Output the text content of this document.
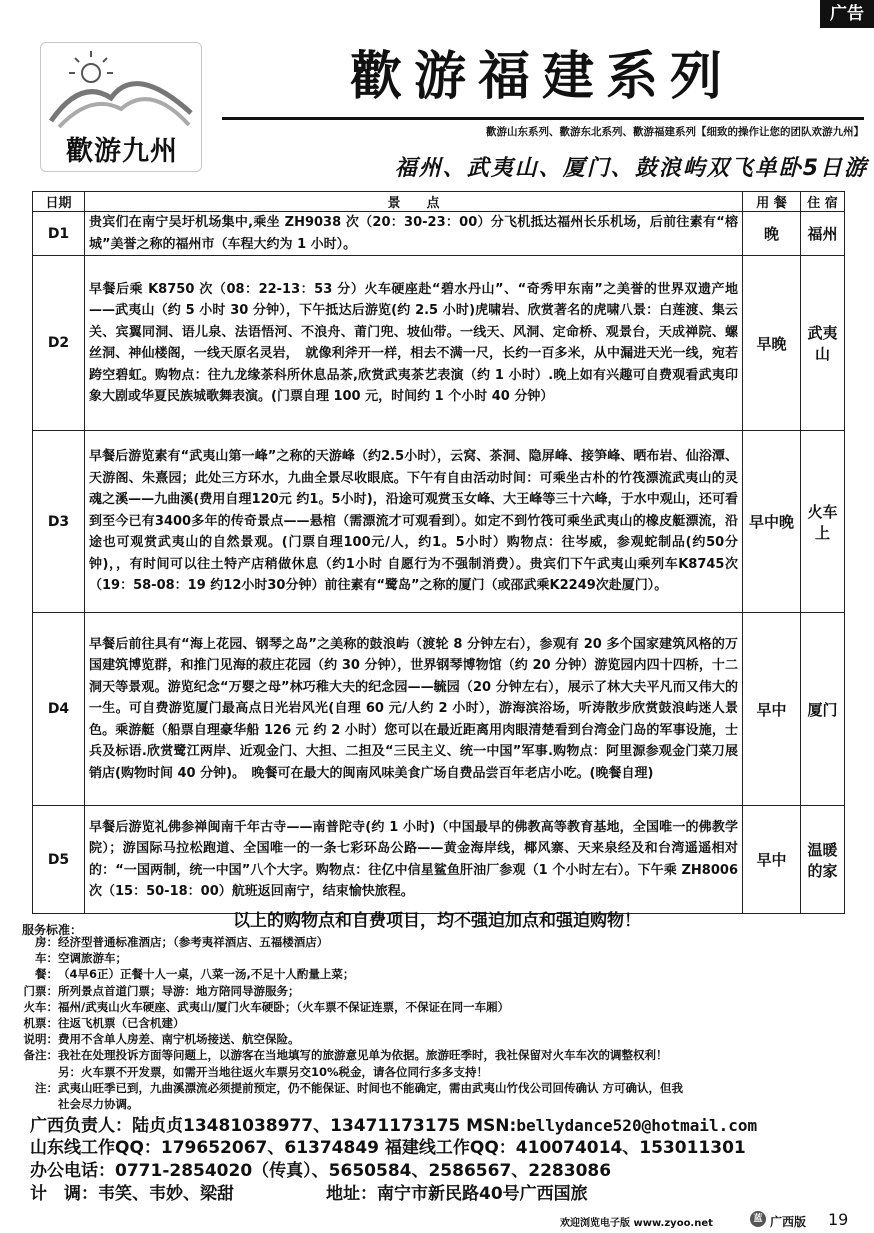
广告
歡游九州
歡游福建系列
歡游山东系列、歡游东北系列、歡游福建系列【细致的操作让您的团队欢游九州】
福州、武夷山、厦门、鼓浪屿双飞单卧5日游
日期	景　　点	用 餐	住 宿
D1	贵宾们在南宁吴圩机场集中,乘坐 ZH9038 次（20：30-23：00）分飞机抵达福州长乐机场，后前往素有“榕城”美誉之称的福州市（车程大约为 1 小时）。	晚	福州
D2	早餐后乘 K8750 次（08：22-13：53 分）火车硬座赴“碧水丹山”、“奇秀甲东南”之美誉的世界双遗产地——武夷山（约 5 小时 30 分钟），下午抵达后游览(约 2.5 小时)虎啸岩、欣赏著名的虎啸八景：白莲渡、集云关、宾翼同洞、语儿泉、法语悟河、不浪舟、莆门兜、坡仙带。一线天、风洞、定命桥、观景台，天成禅院、螺丝洞、神仙楼阁，一线天原名灵岩，　就像利斧开一样，相去不满一尺，长约一百多米，从中漏进天光一线，宛若跨空碧虹。购物点：往九龙缘茶科所休息品茶,欣赏武夷茶艺表演（约 1 小时）.晚上如有兴趣可自费观看武夷印象大剧或华夏民族城歌舞表演。(门票自理 100 元，时间约 1 个小时 40 分钟）	早晚	武夷山
D3	早餐后游览素有“武夷山第一峰”之称的天游峰（约2.5小时），云窝、茶洞、隐屏峰、接笋峰、晒布岩、仙浴潭、天游阁、朱熹园；此处三方环水，九曲全景尽收眼底。下午有自由活动时间：可乘坐古朴的竹筏漂流武夷山的灵魂之溪——九曲溪(费用自理120元 约1。5小时)，沿途可观赏玉女峰、大王峰等三十六峰，于水中观山，还可看到至今已有3400多年的传奇景点——悬棺（需漂流才可观看到）。如定不到竹筏可乘坐武夷山的橡皮艇漂流，沿途也可观赏武夷山的自然景观。(门票自理100元/人，约1。5小时）购物点：往岑威，参观蛇制品(约50分钟)，，有时间可以往土特产店稍做休息（约1小时 自愿行为不强制消费）。贵宾们下午武夷山乘列车K8745次（19：58-08：19 约12小时30分钟）前往素有“鹭岛”之称的厦门（或邵武乘K2249次赴厦门）。	早中晚	火车上
D4	早餐后前往具有“海上花园、钢琴之岛”之美称的鼓浪屿（渡轮 8 分钟左右），参观有 20 多个国家建筑风格的万国建筑博览群，和推门见海的菽庄花园（约 30 分钟），世界钢琴博物馆（约 20 分钟）游览园内四十四桥，十二洞天等景观。游览纪念“万婴之母”林巧稚大夫的纪念园——毓园（20 分钟左右），展示了林大夫平凡而又伟大的一生。可自费游览厦门最高点日光岩风光(自理 60 元/人约 2 小时），游海滨浴场，听涛散步欣赏鼓浪屿迷人景色。乘游艇（船票自理豪华船 126 元 约 2 小时）您可以在最近距离用肉眼清楚看到台湾金门岛的军事设施，士兵及标语.欣赏鹭江两岸、近观金门、大担、二担及“三民主义、统一中国”军事.购物点：阿里源参观金门菜刀展销店(购物时间 40 分钟)。　晚餐可在最大的闽南风味美食广场自费品尝百年老店小吃。(晚餐自理)	早中	厦门
D5	早餐后游览礼佛参禅闽南千年古寺——南普陀寺(约 1 小时)（中国最早的佛教高等教育基地，全国唯一的佛教学院）；游国际马拉松跑道、全国唯一的一条七彩环岛公路——黄金海岸线，椰风寨、天来泉经及和台湾遥遥相对的：“一国两制，统一中国”八个大字。购物点：往亿中信星鲨鱼肝油厂参观（1 个小时左右）。下午乘 ZH8006 次（15：50-18：00）航班返回南宁，结束愉快旅程。	早中	温暖的家
以上的购物点和自费项目，均不强迫加点和强迫购物！
服务标准：
房：经济型普通标准酒店；（参考夷祥酒店、五福楼酒店）
车：空调旅游车；
餐：（4早6正）正餐十人一桌，八菜一汤,不足十人酌量上菜；
门票：所列景点首道门票；导游：地方陪同导游服务；
火车：福州/武夷山火车硬座、武夷山/厦门火车硬卧；（火车票不保证连票，不保证在同一车厢）
机票：往返飞机票（已含机建）
说明：费用不含单人房差、南宁机场接送、航空保险。
备注：我社在处理投诉方面等问题上，以游客在当地填写的旅游意见单为依据。旅游旺季时，我社保留对火车车次的调整权利！
另：火车票不开发票，如需开当地往返火车票另交10%税金，请各位同行多多支持！
注：武夷山旺季已到，九曲溪漂流必须提前预定，仍不能保证、时间也不能确定，需由武夷山竹伐公司回传确认 方可确认，但我
社会尽力协调。
广西负责人：陆贞贞13481038977、13471173175 MSN:bellydance520@hotmail.com
山东线工作QQ：179652067、61374849 福建线工作QQ：410074014、153011301
办公电话：0771-2854020（传真）、5650584、2586567、2283086
计　调：韦笑、韦妙、梁甜	地址：南宁市新民路40号广西国旅
欢迎浏览电子版 www.zyoo.net	蓝 广西版 19
